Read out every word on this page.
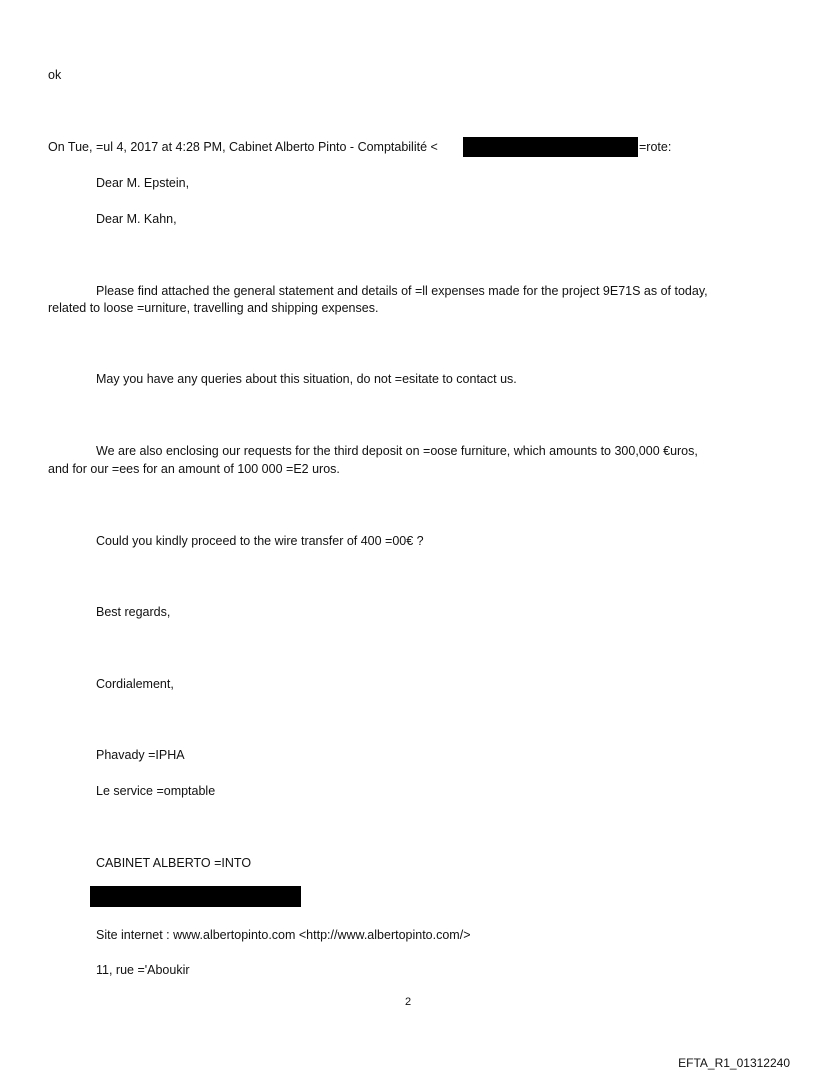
ok
On Tue, =ul 4, 2017 at 4:28 PM, Cabinet Alberto Pinto - Comptabilité <	=rote:
Dear M. Epstein,
Dear M. Kahn,
Please find attached the general statement and details of =ll expenses made for the project 9E71S as of today,
related to loose =urniture, travelling and shipping expenses.
May you have any queries about this situation, do not =esitate to contact us.
We are also enclosing our requests for the third deposit on =oose furniture, which amounts to 300,000 €uros,
and for our =ees for an amount of 100 000 =E2 uros.
Could you kindly proceed to the wire transfer of 400 =00€ ?
Best regards,
Cordialement,
Phavady =IPHA
Le service =omptable
CABINET ALBERTO =INTO
Site internet : www.albertopinto.com <http://www.albertopinto.com/>
11, rue ='Aboukir
2
EFTA_R1_01312240
